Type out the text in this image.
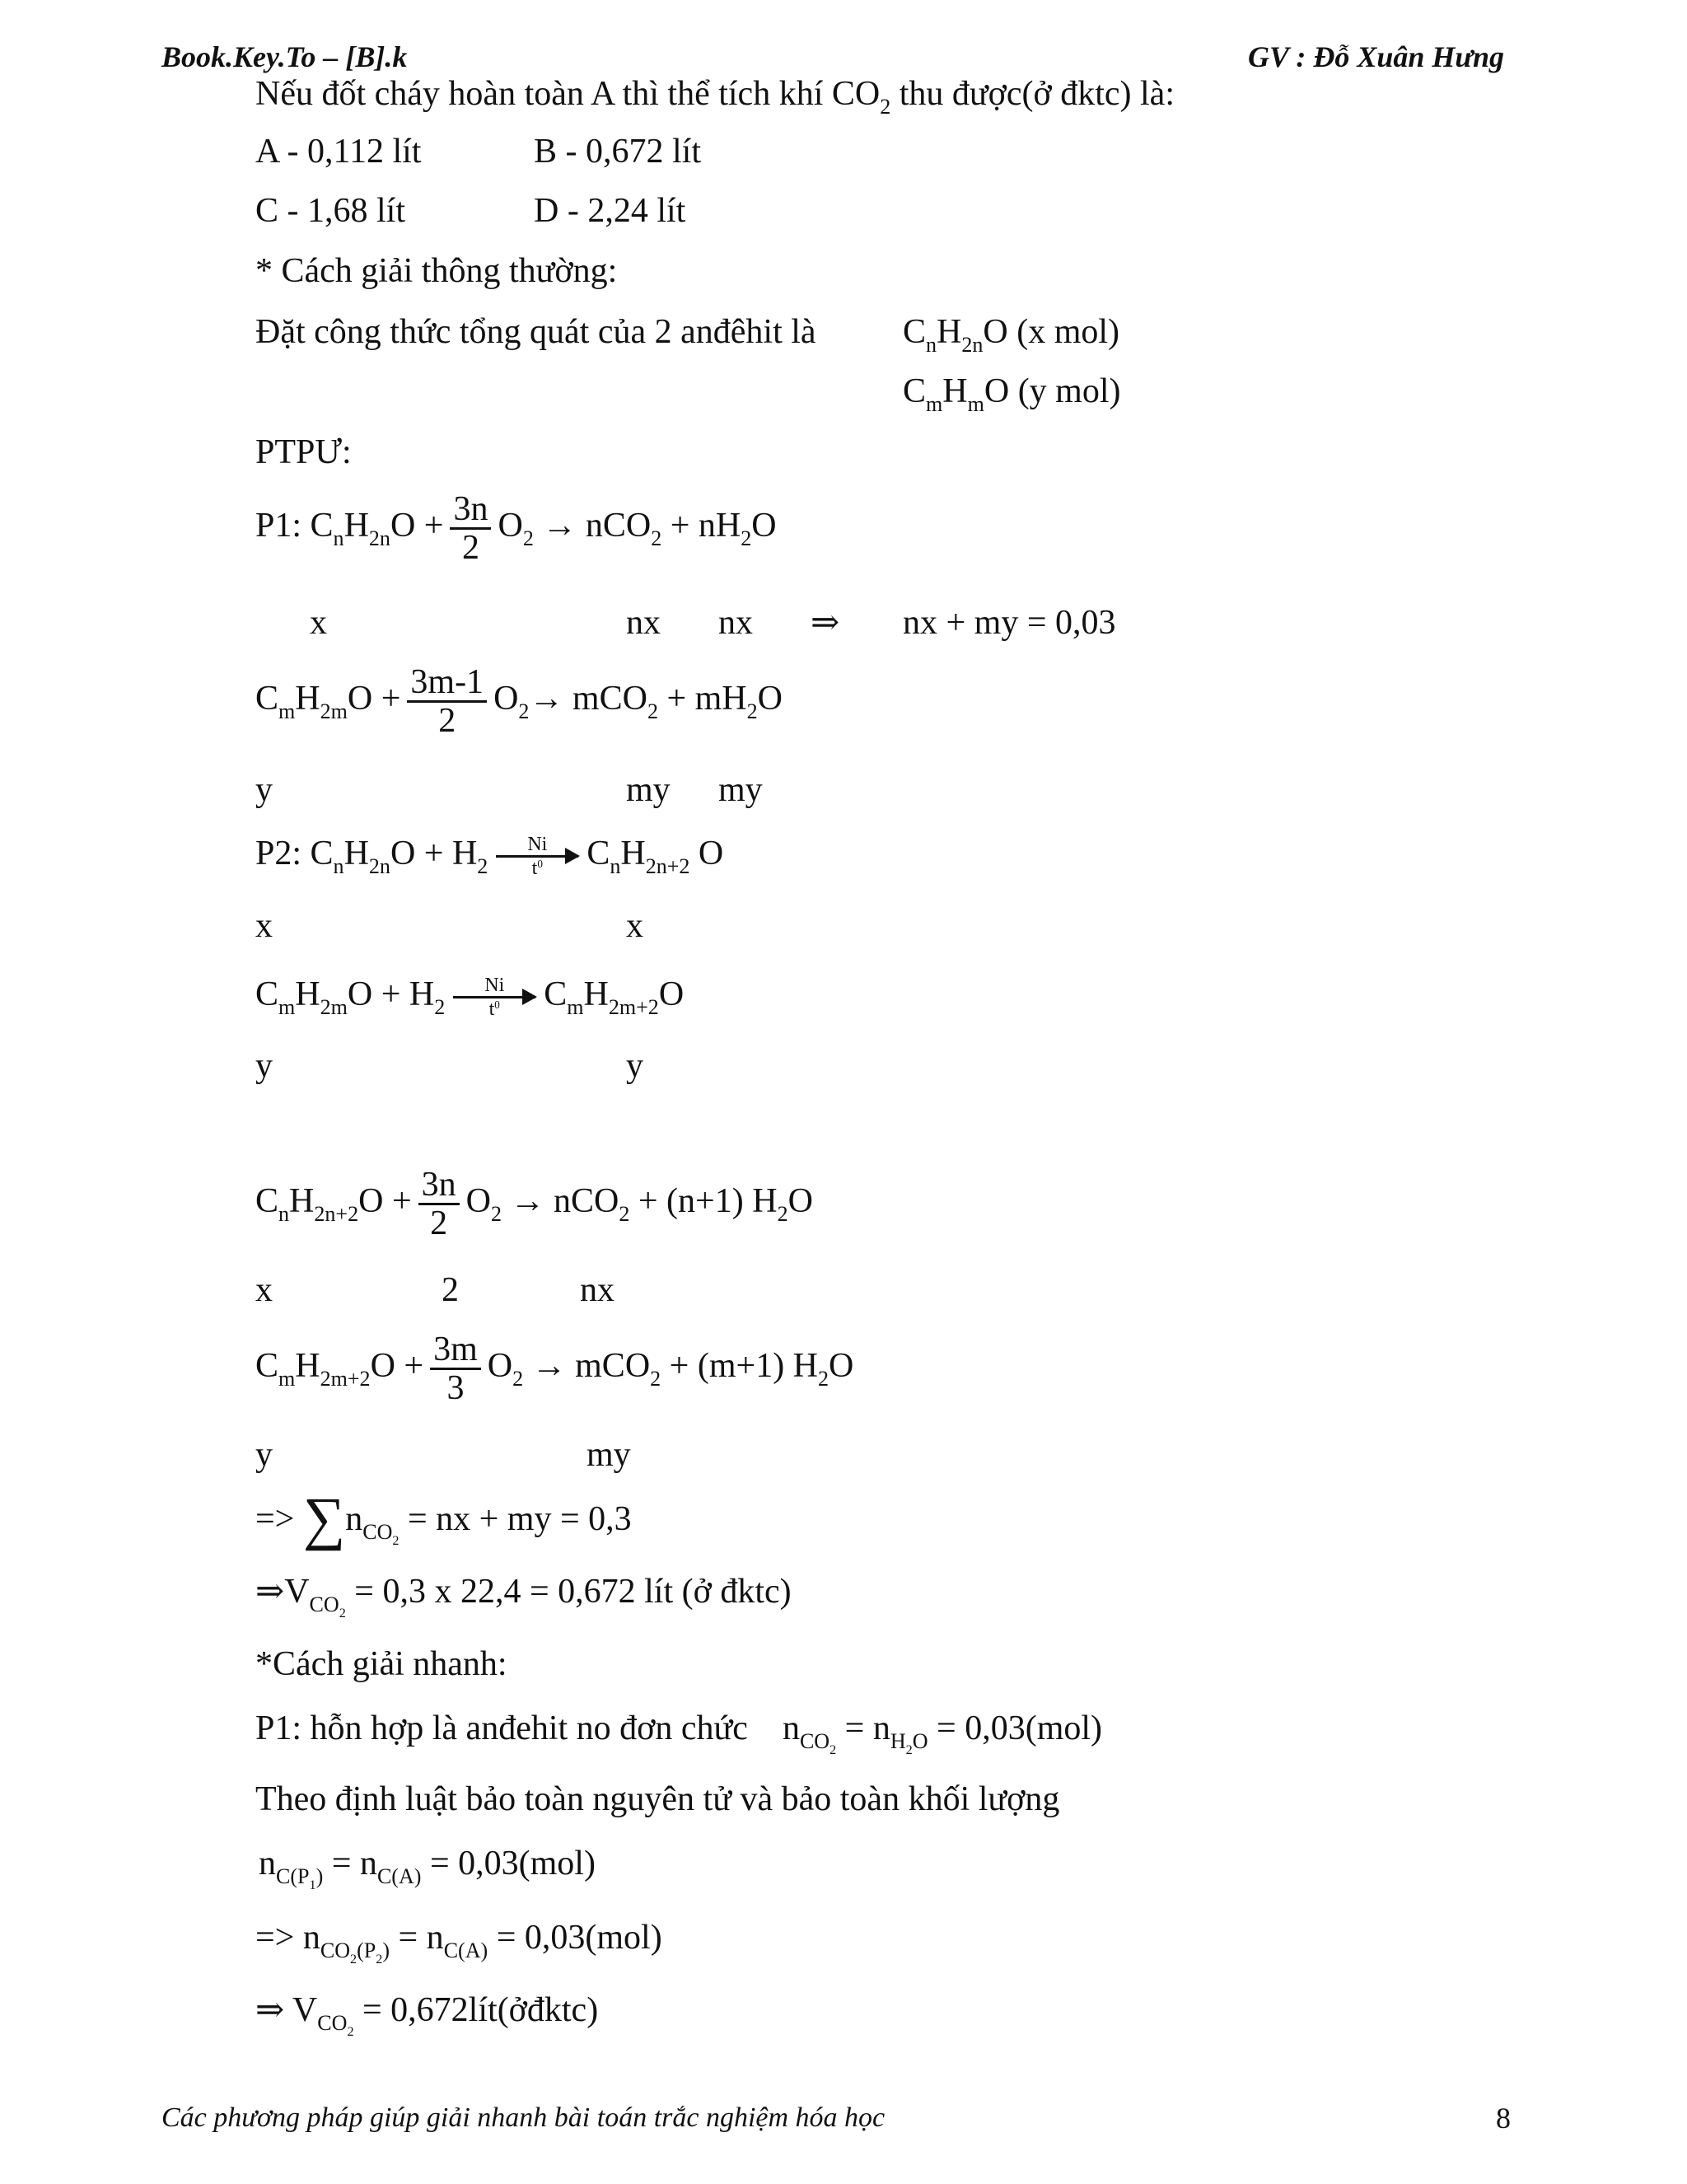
Book.Key.To – [B].k	GV : Đỗ Xuân Hưng
Nếu đốt cháy hoàn toàn A thì thể tích khí $CO_2$ thu được(ở đktc) là:
A - 0,112 lít	B - 0,672 lít
C - 1,68 lít	D - 2,24 lít
* Cách giải thông thường:
Đặt công thức tổng quát của 2 anđêhit là	$C_nH_{2n}O$ (x mol)
$C_mH_mO$ (y mol)
PTPƯ:
P1: $C_nH_{2n}O + \frac{3n}{2} O_2 \to nCO_2 + nH_2O$
x	nx nx ⇒ nx + my = 0,03
$C_mH_{2m}O + \frac{3m-1}{2} O_2\to mCO_2 + mH_2O$
y	my my
P2: $C_nH_{2n}O + H_2 \frac{Ni}{t^0} C_nH_{2n+2}$ O
x	x
$C_mH_{2m}O + H_2 \frac{Ni}{t^0} C_mH_{2m+2}O$
y	y
$C_nH_{2n+2}O + \frac{3n}{2} O_2 \to nCO_2 + (n+1)$ $H_2O$
x	2	nx
$C_mH_{2m+2}O + \frac{3m}{3} O_2 \to mCO_2 + (m+1)$ $H_2O$
y	my
=> $\sum n_{CO_2}$ = nx + my = 0,3
$\Rightarrow V_{CO_2} = 0,3$ x 22,4 = 0,672 lít (ở đktc)
*Cách giải nhanh:
P1: hỗn hợp là anđehit no đơn chức    $n_{CO_2} = n_{H_2O} = 0,03(mol)$
Theo định luật bảo toàn nguyên tử và bảo toàn khối lượng
$n_{C(P_1)} = n_{C(A)} = 0,03(mol)$
=> $n_{CO_2(P_2)} = n_{C(A)} = 0,03(mol)$
⇒ $V_{CO_2}$ = 0,672lít(ởđktc)
Các phương pháp giúp giải nhanh bài toán trắc nghiệm hóa học	8
